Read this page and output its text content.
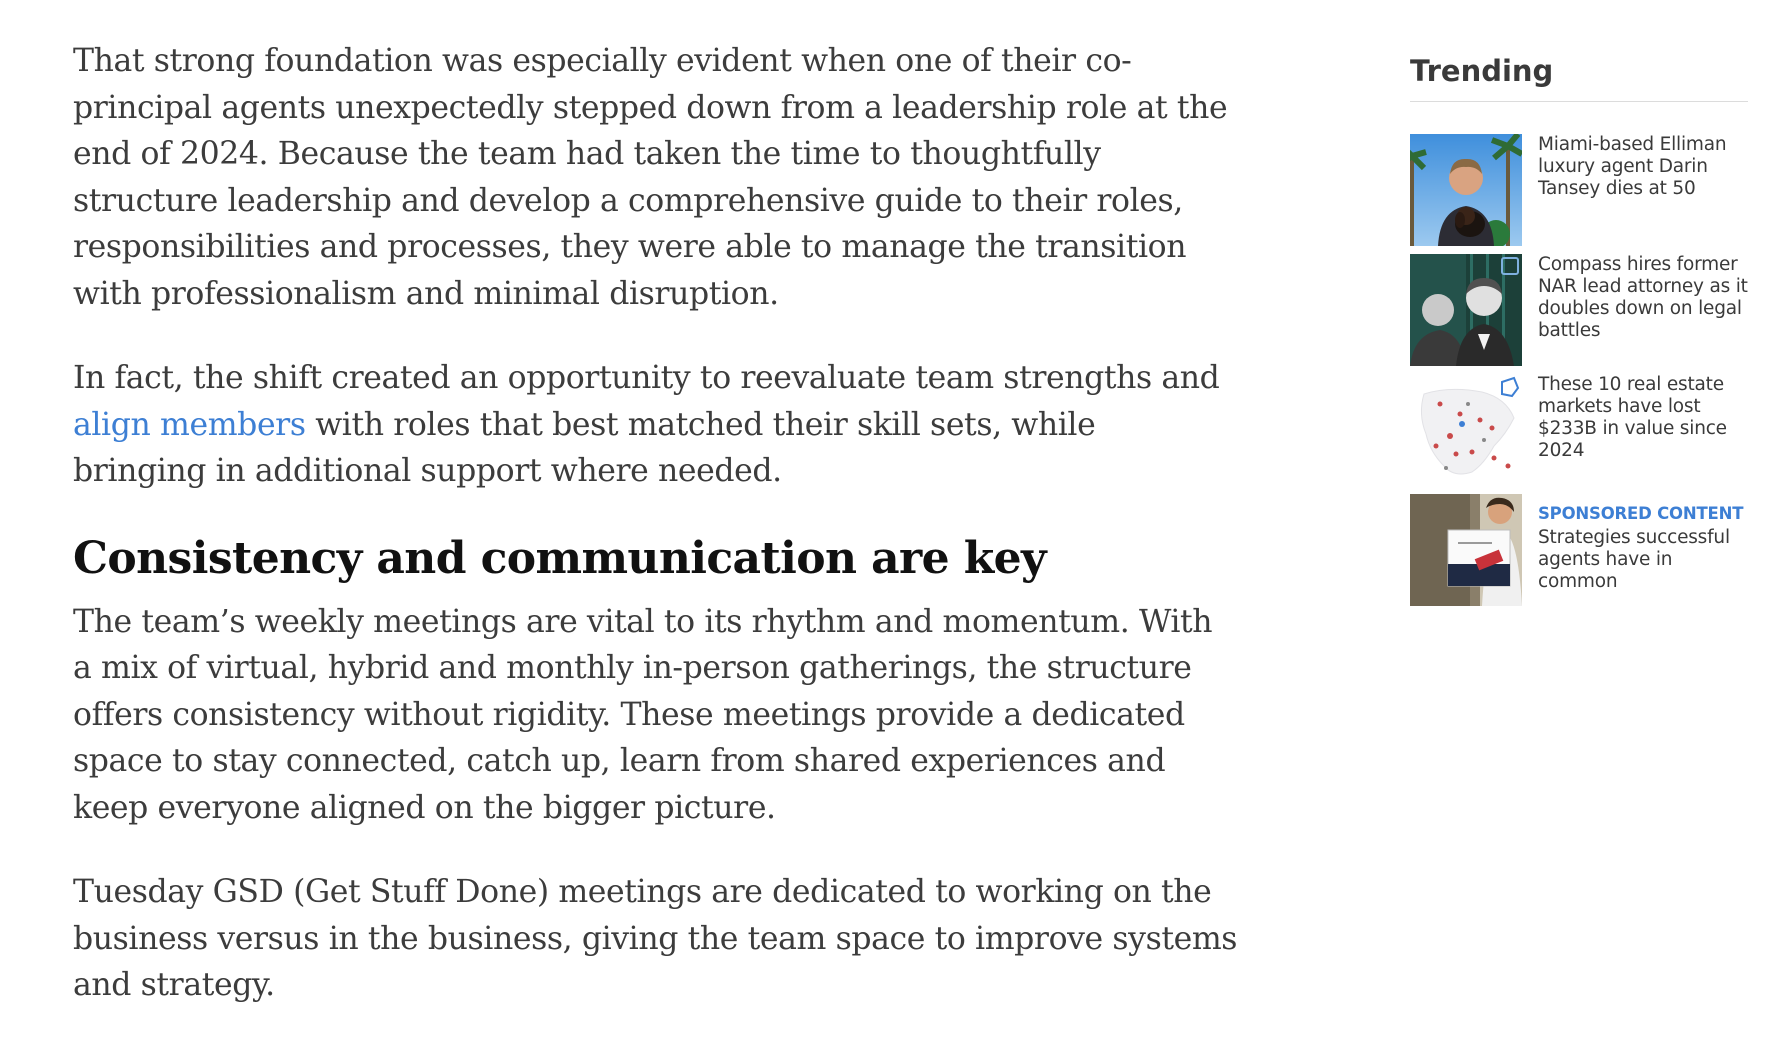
That strong foundation was especially evident when one of their co-principal agents unexpectedly stepped down from a leadership role at the end of 2024. Because the team had taken the time to thoughtfully structure leadership and develop a comprehensive guide to their roles, responsibilities and processes, they were able to manage the transition with professionalism and minimal disruption.

In fact, the shift created an opportunity to reevaluate team strengths and align members with roles that best matched their skill sets, while bringing in additional support where needed.

Consistency and communication are key

The team’s weekly meetings are vital to its rhythm and momentum. With a mix of virtual, hybrid and monthly in-person gatherings, the structure offers consistency without rigidity. These meetings provide a dedicated space to stay connected, catch up, learn from shared experiences and keep everyone aligned on the bigger picture.

Tuesday GSD (Get Stuff Done) meetings are dedicated to working on the business versus in the business, giving the team space to improve systems and strategy.

Trending
Miami-based Elliman luxury agent Darin Tansey dies at 50
Compass hires former NAR lead attorney as it doubles down on legal battles
These 10 real estate markets have lost $233B in value since 2024
SPONSORED CONTENT
Strategies successful agents have in common
